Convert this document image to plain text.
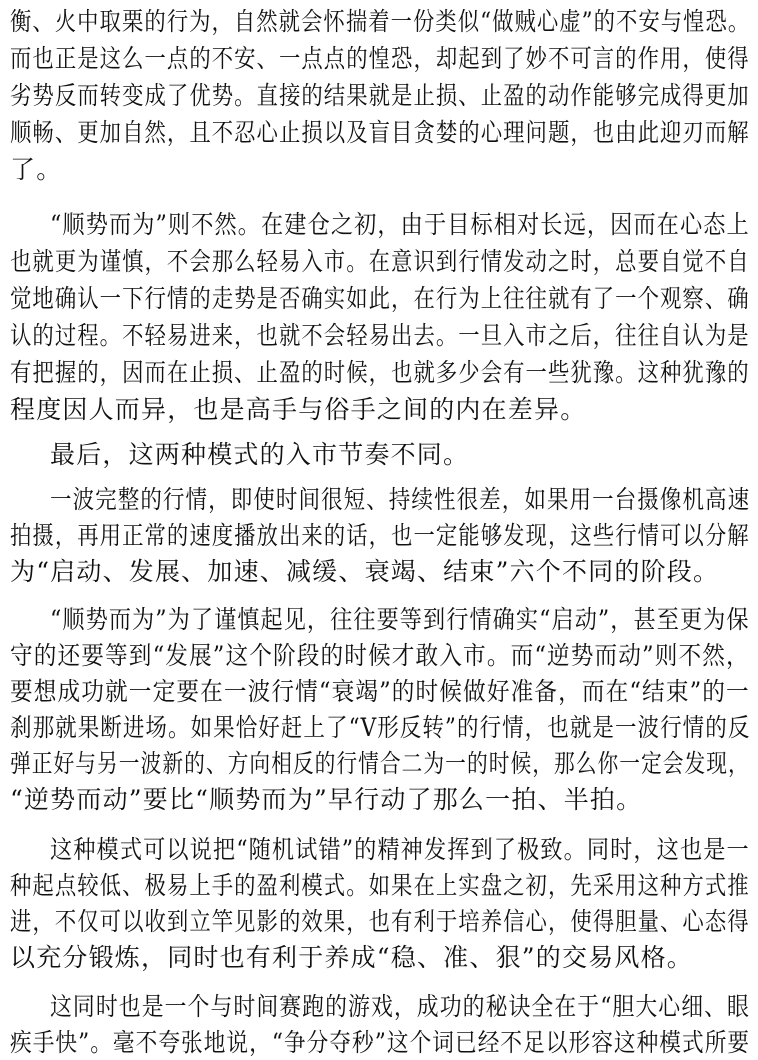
衡、火中取栗的行为，自然就会怀揣着一份类似“做贼心虚”的不安与惶恐。
而也正是这么一点的不安、一点点的惶恐，却起到了妙不可言的作用，使得
劣势反而转变成了优势。直接的结果就是止损、止盈的动作能够完成得更加
顺畅、更加自然，且不忍心止损以及盲目贪婪的心理问题，也由此迎刃而解
了。
“顺势而为”则不然。在建仓之初，由于目标相对长远，因而在心态上
也就更为谨慎，不会那么轻易入市。在意识到行情发动之时，总要自觉不自
觉地确认一下行情的走势是否确实如此，在行为上往往就有了一个观察、确
认的过程。不轻易进来，也就不会轻易出去。一旦入市之后，往往自认为是
有把握的，因而在止损、止盈的时候，也就多少会有一些犹豫。这种犹豫的
程度因人而异，也是高手与俗手之间的内在差异。
最后，这两种模式的入市节奏不同。
一波完整的行情，即使时间很短、持续性很差，如果用一台摄像机高速
拍摄，再用正常的速度播放出来的话，也一定能够发现，这些行情可以分解
为“启动、发展、加速、减缓、衰竭、结束”六个不同的阶段。
“顺势而为”为了谨慎起见，往往要等到行情确实“启动”，甚至更为保
守的还要等到“发展”这个阶段的时候才敢入市。而“逆势而动”则不然，
要想成功就一定要在一波行情“衰竭”的时候做好准备，而在“结束”的一
刹那就果断进场。如果恰好赶上了“V形反转”的行情，也就是一波行情的反
弹正好与另一波新的、方向相反的行情合二为一的时候，那么你一定会发现，
“逆势而动”要比“顺势而为”早行动了那么一拍、半拍。
这种模式可以说把“随机试错”的精神发挥到了极致。同时，这也是一
种起点较低、极易上手的盈利模式。如果在上实盘之初，先采用这种方式推
进，不仅可以收到立竿见影的效果，也有利于培养信心，使得胆量、心态得
以充分锻炼，同时也有利于养成“稳、准、狠”的交易风格。
这同时也是一个与时间赛跑的游戏，成功的秘诀全在于“胆大心细、眼
疾手快”。毫不夸张地说，“争分夺秒”这个词已经不足以形容这种模式所要
